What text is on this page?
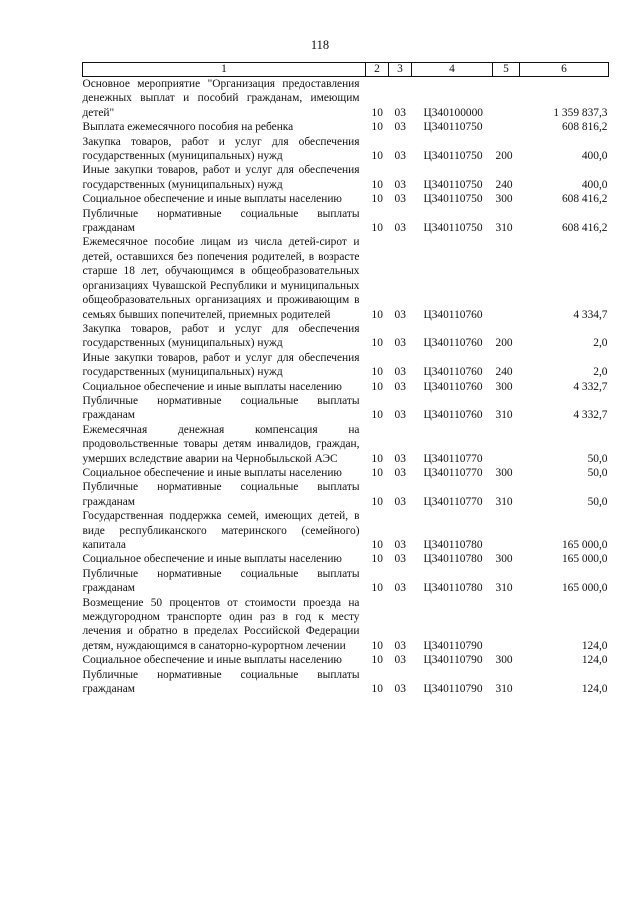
118
1	2	3	4	5	6
Основное мероприятие "Организация предоставления денежных выплат и пособий гражданам, имеющим детей"	10	03	Ц340100000		1 359 837,3
Выплата ежемесячного пособия на ребенка	10	03	Ц340110750		608 816,2
Закупка товаров, работ и услуг для обеспечения государственных (муниципальных) нужд	10	03	Ц340110750	200	400,0
Иные закупки товаров, работ и услуг для обеспечения государственных (муниципальных) нужд	10	03	Ц340110750	240	400,0
Социальное обеспечение и иные выплаты населению	10	03	Ц340110750	300	608 416,2
Публичные нормативные социальные выплаты гражданам	10	03	Ц340110750	310	608 416,2
Ежемесячное пособие лицам из числа детей-сирот и детей, оставшихся без попечения родителей, в возрасте старше 18 лет, обучающимся в общеобразовательных организациях Чувашской Республики и муниципальных общеобразовательных организациях и проживающим в семьях бывших попечителей, приемных родителей	10	03	Ц340110760		4 334,7
Закупка товаров, работ и услуг для обеспечения государственных (муниципальных) нужд	10	03	Ц340110760	200	2,0
Иные закупки товаров, работ и услуг для обеспечения государственных (муниципальных) нужд	10	03	Ц340110760	240	2,0
Социальное обеспечение и иные выплаты населению	10	03	Ц340110760	300	4 332,7
Публичные нормативные социальные выплаты гражданам	10	03	Ц340110760	310	4 332,7
Ежемесячная денежная компенсация на продовольственные товары детям инвалидов, граждан, умерших вследствие аварии на Чернобыльской АЭС	10	03	Ц340110770		50,0
Социальное обеспечение и иные выплаты населению	10	03	Ц340110770	300	50,0
Публичные нормативные социальные выплаты гражданам	10	03	Ц340110770	310	50,0
Государственная поддержка семей, имеющих детей, в виде республиканского материнского (семейного) капитала	10	03	Ц340110780		165 000,0
Социальное обеспечение и иные выплаты населению	10	03	Ц340110780	300	165 000,0
Публичные нормативные социальные выплаты гражданам	10	03	Ц340110780	310	165 000,0
Возмещение 50 процентов от стоимости проезда на междугородном транспорте один раз в год к месту лечения и обратно в пределах Российской Федерации детям, нуждающимся в санаторно-курортном лечении	10	03	Ц340110790		124,0
Социальное обеспечение и иные выплаты населению	10	03	Ц340110790	300	124,0
Публичные нормативные социальные выплаты гражданам	10	03	Ц340110790	310	124,0
